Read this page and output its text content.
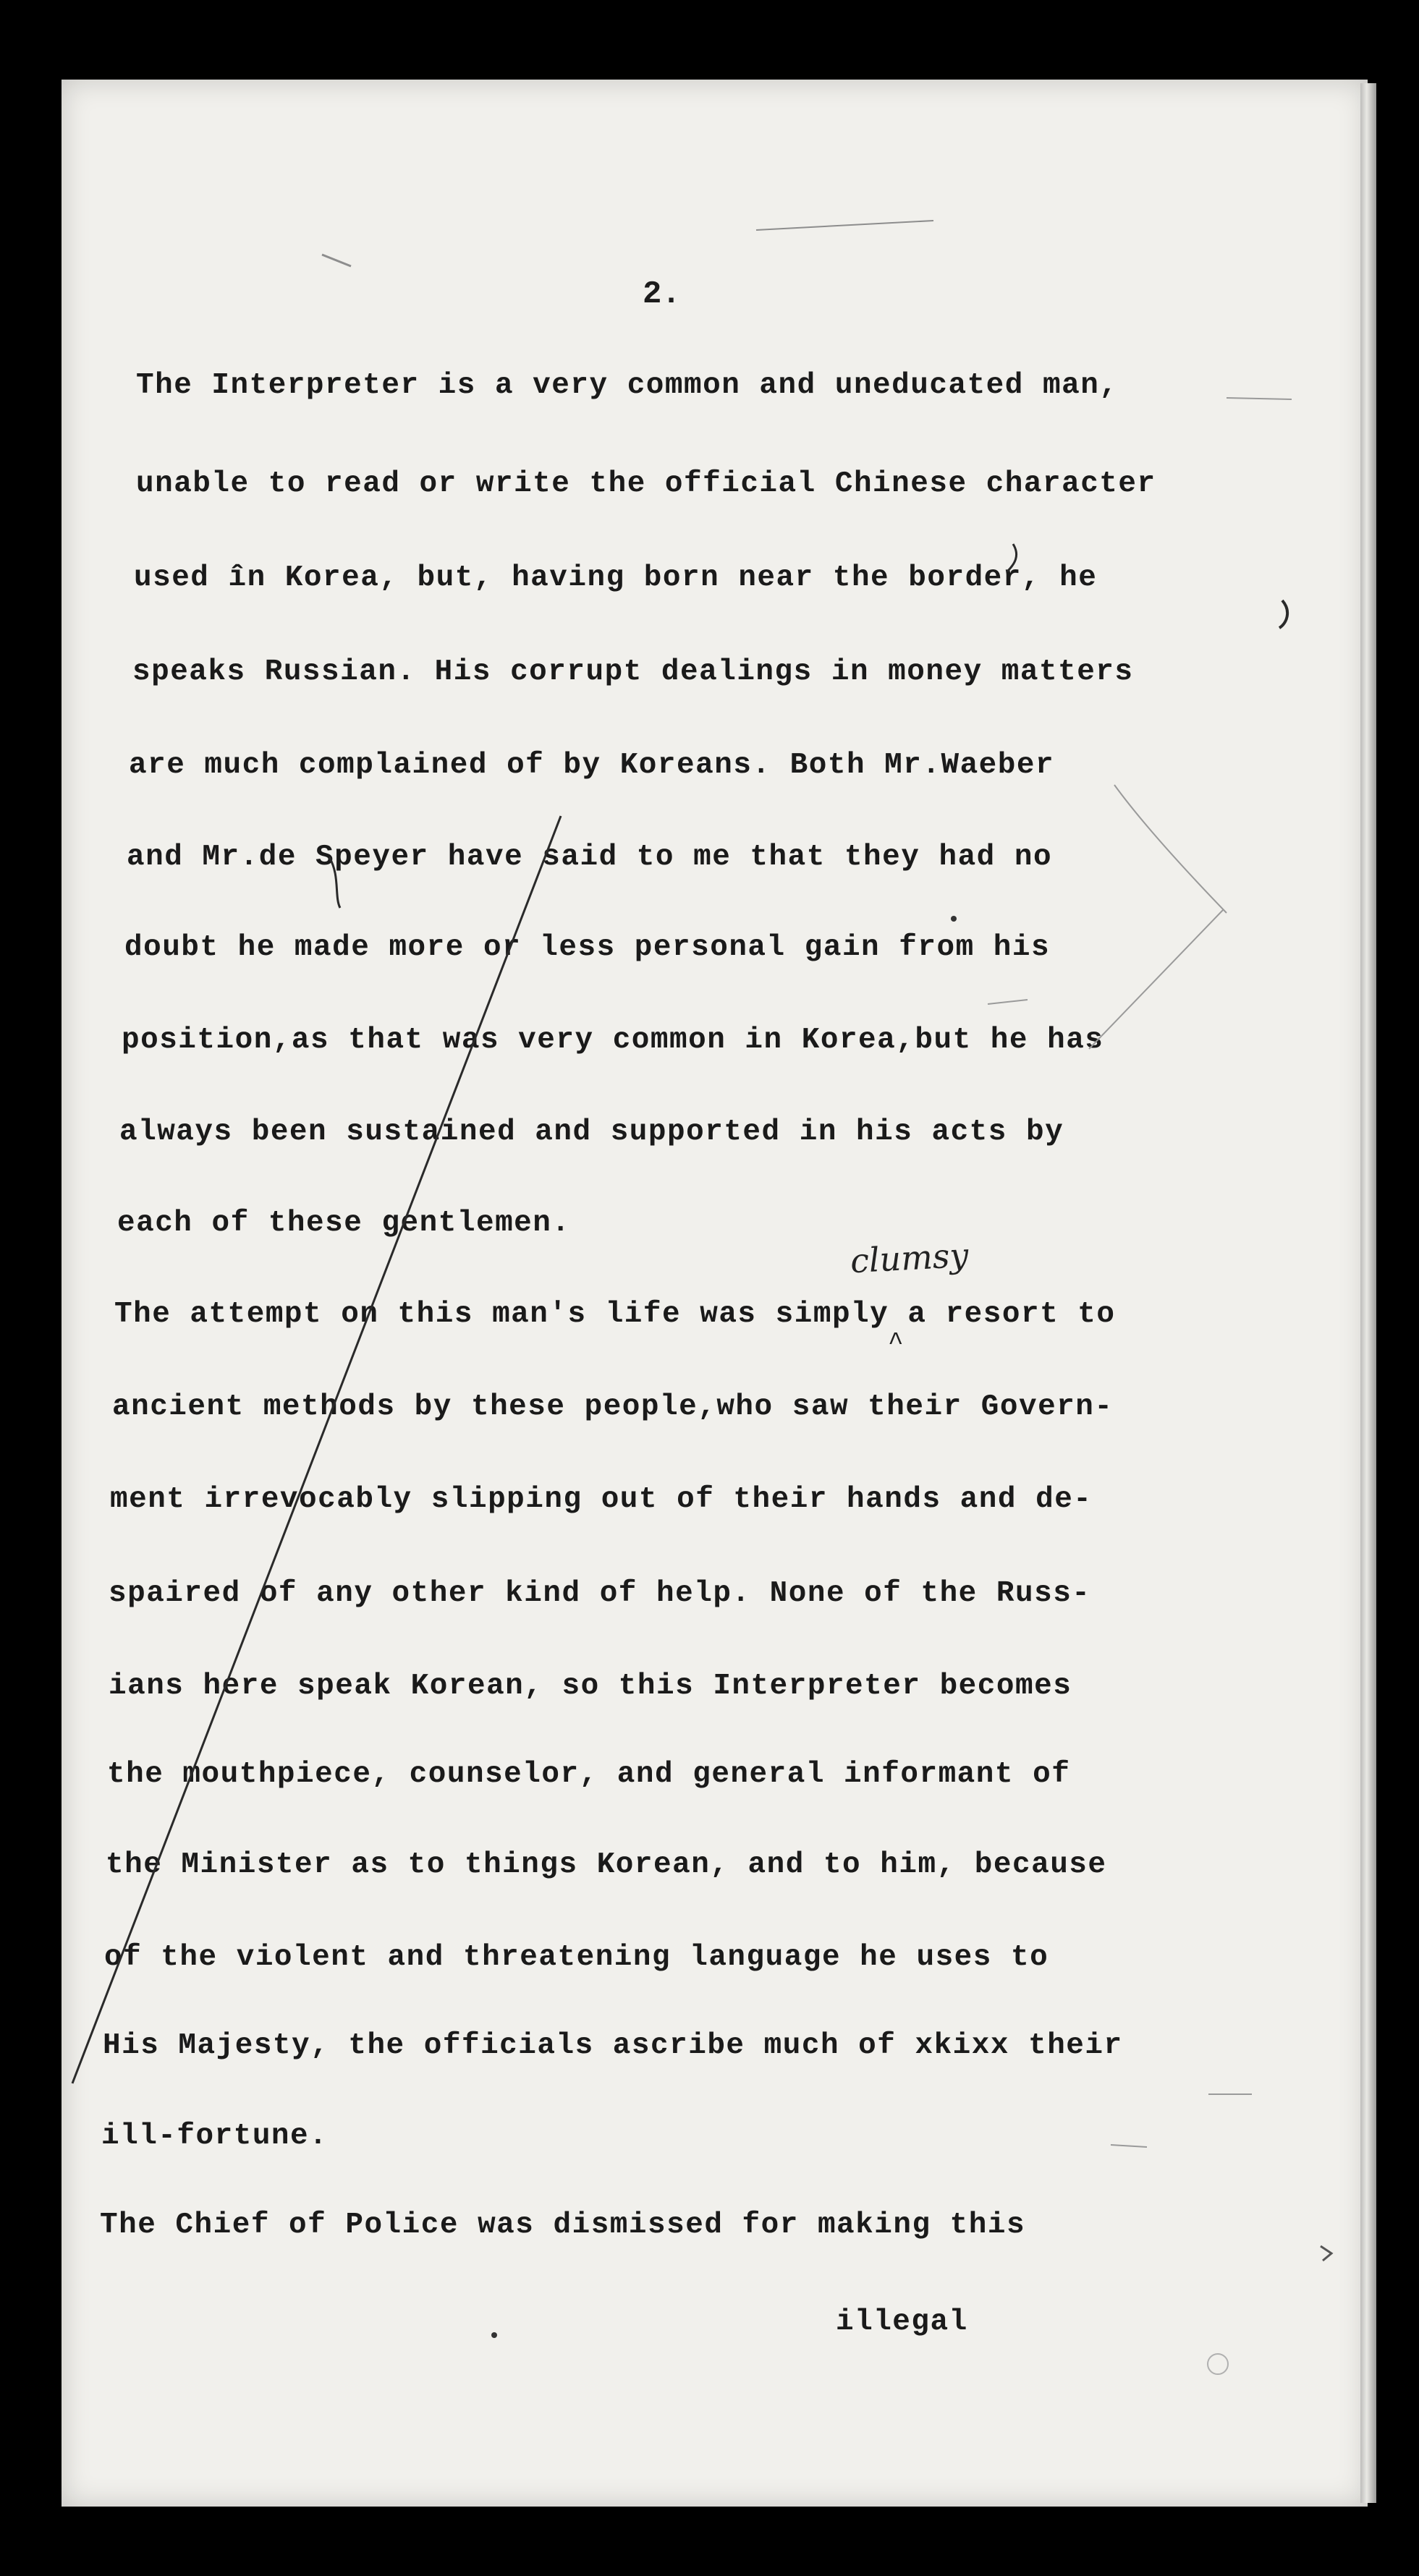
2.
The Interpreter is a very common and uneducated man,
unable to read or write the official Chinese character
used în Korea, but, having born near the border, he
speaks Russian. His corrupt dealings in money matters
are much complained of by Koreans. Both Mr.Waeber
and Mr.de Speyer have said to me that they had no
doubt he made more or less personal gain from his
position,as that was very common in Korea,but he has
always been sustained and supported in his acts by
each of these gentlemen.
The attempt on this man's life was simply a resort to
ancient methods by these people,who saw their Govern-
ment irrevocably slipping out of their hands and de-
spaired of any other kind of help. None of the Russ-
ians here speak Korean, so this Interpreter becomes
the mouthpiece, counselor, and general informant of
the Minister as to things Korean, and to him, because
of the violent and threatening language he uses to
His Majesty, the officials ascribe much of xkixx their
ill-fortune.
The Chief of Police was dismissed for making this
illegal
clumsy
^
